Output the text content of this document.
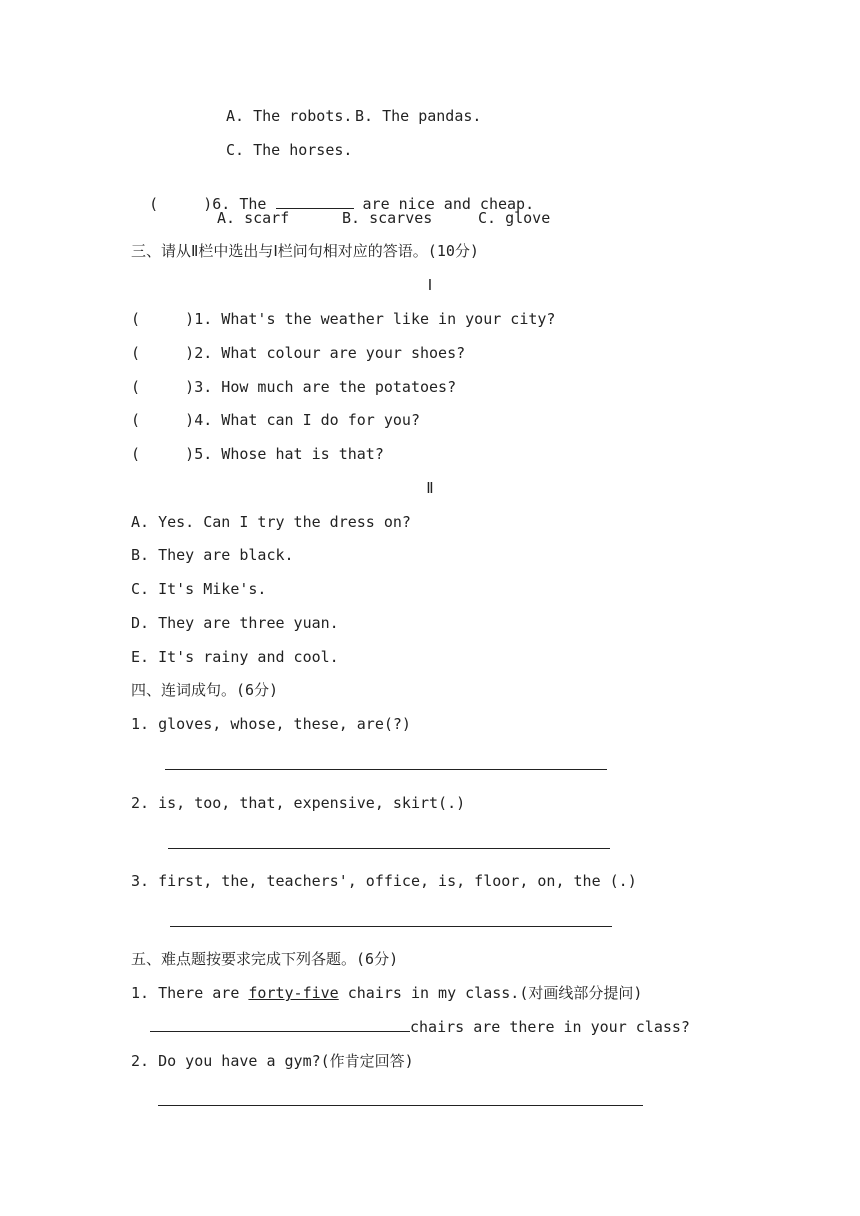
A. The robots. B. The pandas.
C. The horses.

(     )6. The	are nice and cheap.

A. scarf	B. scarves	C. glove
三、请从Ⅱ栏中选出与Ⅰ栏问句相对应的答语。(10分)
Ⅰ
(     )1. What's the weather like in your city?
(     )2. What colour are your shoes?
(     )3. How much are the potatoes?
(     )4. What can I do for you?
(     )5. Whose hat is that?
Ⅱ
A. Yes. Can I try the dress on?
B. They are black.
C. It's Mike's.
D. They are three yuan.
E. It's rainy and cool.
四、连词成句。(6分)
1. gloves, whose, these, are(?)
2. is, too, that, expensive, skirt(.)
3. first, the, teachers', office, is, floor, on, the (.)
五、难点题按要求完成下列各题。(6分)
1. There are forty-five chairs in my class.(对画线部分提问)
chairs are there in your class?
2. Do you have a gym?(作肯定回答)
